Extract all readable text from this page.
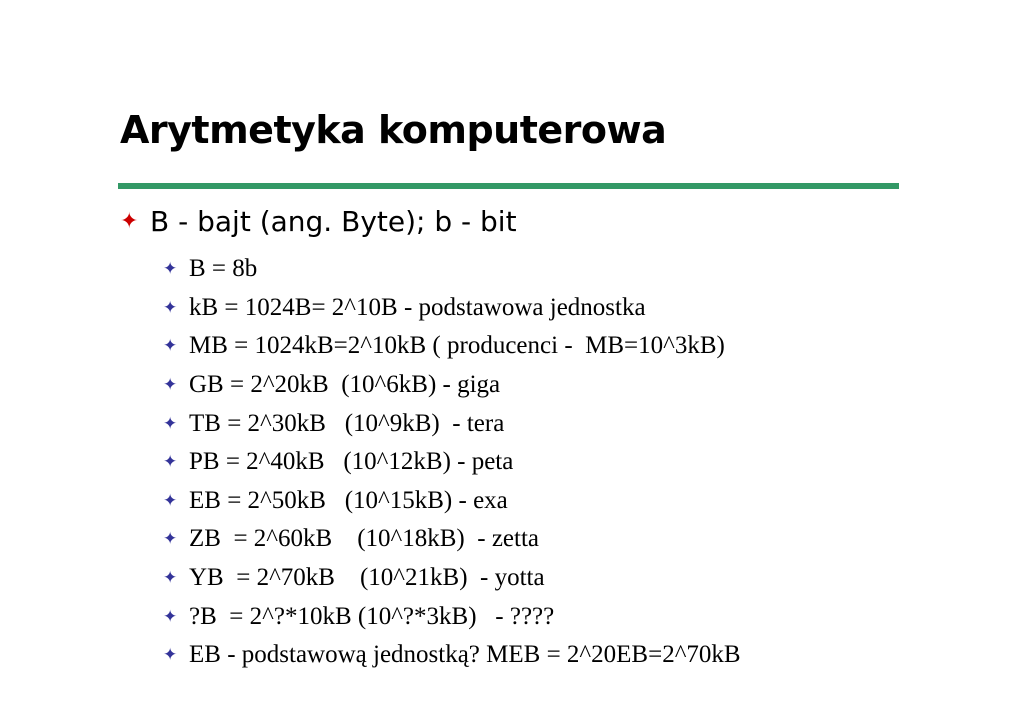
Arytmetyka komputerowa
✦ B - bajt (ang. Byte); b - bit
✦ B = 8b
✦ kB = 1024B= 2^10B - podstawowa jednostka
✦ MB = 1024kB=2^10kB ( producenci -  MB=10^3kB)
✦ GB = 2^20kB  (10^6kB) - giga
✦ TB = 2^30kB   (10^9kB)  - tera
✦ PB = 2^40kB   (10^12kB) - peta
✦ EB = 2^50kB   (10^15kB) - exa
✦ ZB  = 2^60kB    (10^18kB)  - zetta
✦ YB  = 2^70kB    (10^21kB)  - yotta
✦ ?B  = 2^?*10kB (10^?*3kB)   - ????
✦ EB - podstawową jednostką? MEB = 2^20EB=2^70kB
